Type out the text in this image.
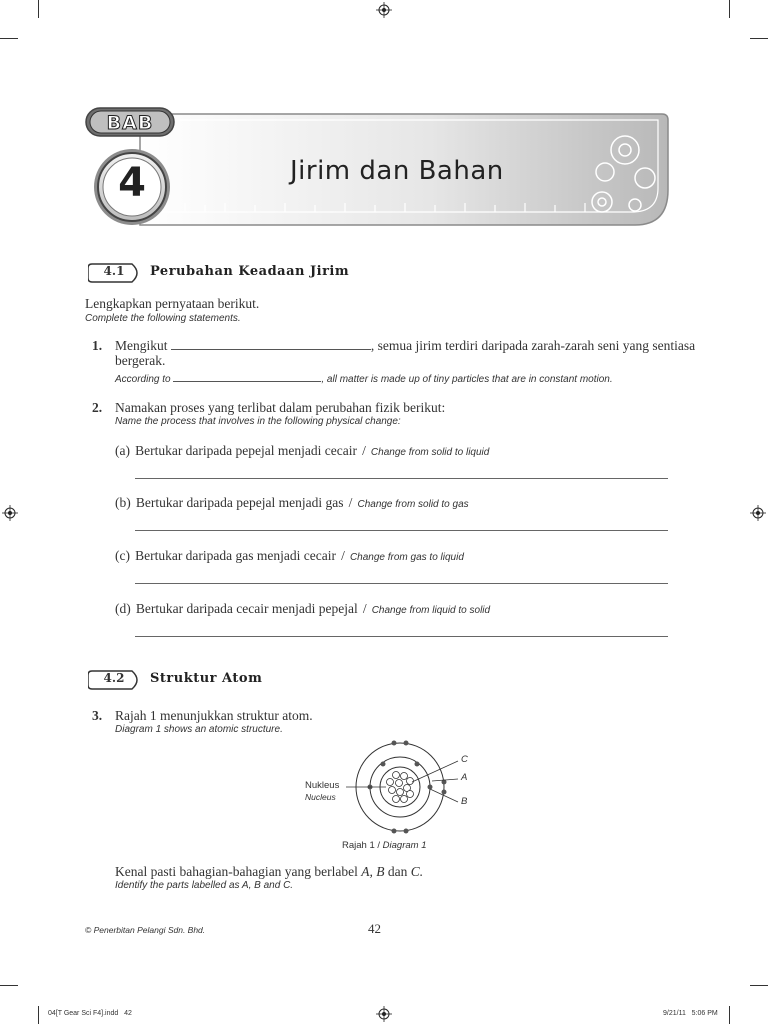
BAB
4	Jirim dan Bahan
4.1	Perubahan Keadaan Jirim
Lengkapkan pernyataan berikut.
Complete the following statements.
1. Mengikut	, semua jirim terdiri daripada zarah-zarah seni yang sentiasa
bergerak.
According to	, all matter is made up of tiny particles that are in constant motion.
2. Namakan proses yang terlibat dalam perubahan fizik berikut:
Name the process that involves in the following physical change:
(a) Bertukar daripada pepejal menjadi cecair / Change from solid to liquid
(b) Bertukar daripada pepejal menjadi gas / Change from solid to gas
(c) Bertukar daripada gas menjadi cecair / Change from gas to liquid
(d) Bertukar daripada cecair menjadi pepejal / Change from liquid to solid
4.2	Struktur Atom
3. Rajah 1 menunjukkan struktur atom.
Diagram 1 shows an atomic structure.
Nukleus
Nucleus
C
A
B
Rajah 1 / Diagram 1
Kenal pasti bahagian-bahagian yang berlabel A, B dan C.
Identify the parts labelled as A, B and C.
© Penerbitan Pelangi Sdn. Bhd.	42
04[T Gear Sci F4].indd   42	9/21/11   5:06 PM
